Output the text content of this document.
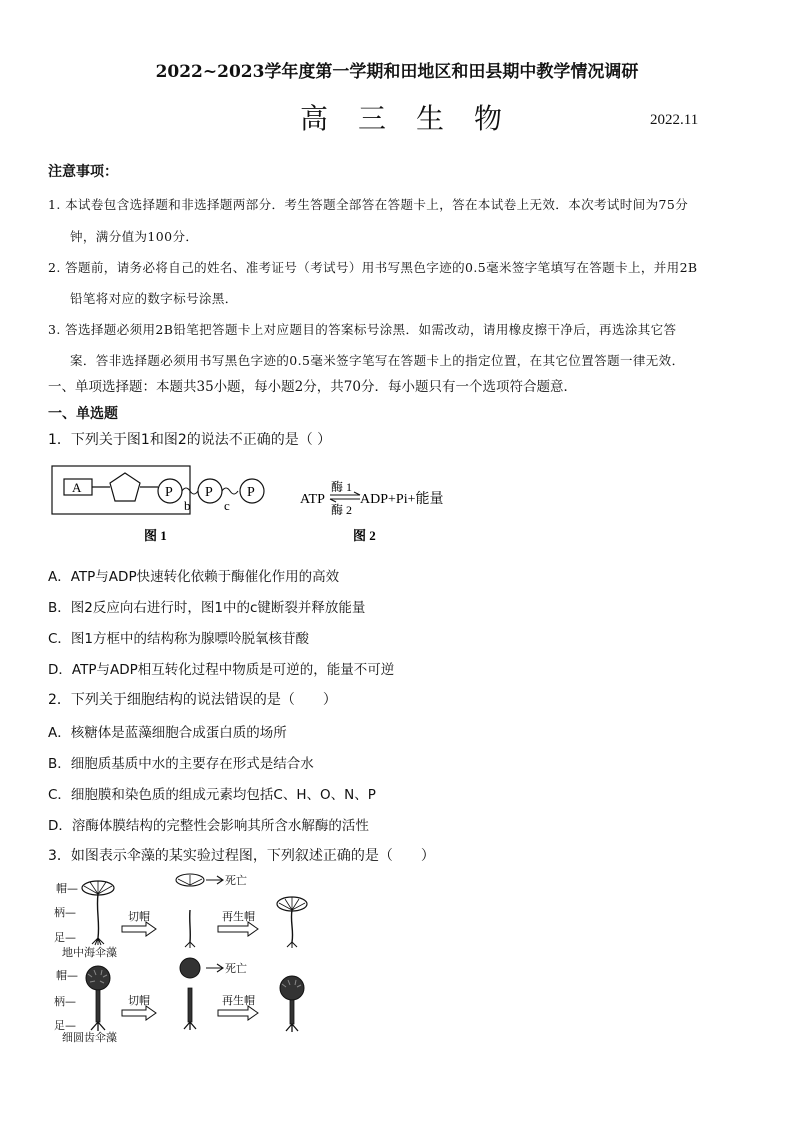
2022~2023学年度第一学期和田地区和田县期中教学情况调研
高三生物	2022.11
注意事项：
1. 本试卷包含选择题和非选择题两部分．考生答题全部答在答题卡上，答在本试卷上无效．本次考试时间为75分
钟，满分值为100分．
2. 答题前，请务必将自己的姓名、准考证号（考试号）用书写黑色字迹的0.5毫米签字笔填写在答题卡上，并用2B
铅笔将对应的数字标号涂黑．
3. 答选择题必须用2B铅笔把答题卡上对应题目的答案标号涂黑．如需改动，请用橡皮擦干净后，再选涂其它答
案．答非选择题必须用书写黑色字迹的0.5毫米签字笔写在答题卡上的指定位置，在其它位置答题一律无效．
一、单项选择题：本题共35小题，每小题2分，共70分．每小题只有一个选项符合题意．
一、单选题
1．下列关于图1和图2的说法不正确的是（ ）
A	P P P
b	c
图 1
ATP
酶 1
酶 2
ADP+Pi+能量
图 2
A．ATP与ADP快速转化依赖于酶催化作用的高效
B．图2反应向右进行时，图1中的c键断裂并释放能量
C．图1方框中的结构称为腺嘌呤脱氧核苷酸
D．ATP与ADP相互转化过程中物质是可逆的，能量不可逆
2．下列关于细胞结构的说法错误的是（　　）
A．核糖体是蓝藻细胞合成蛋白质的场所
B．细胞质基质中水的主要存在形式是结合水
C．细胞膜和染色质的组成元素均包括C、H、O、N、P
D．溶酶体膜结构的完整性会影响其所含水解酶的活性
3．如图表示伞藻的某实验过程图，下列叙述正确的是（　　）
帽—
柄—
足—
地中海伞藻
切帽
死亡
再生帽
帽—
柄—
足—
细圆齿伞藻
切帽
死亡
再生帽
